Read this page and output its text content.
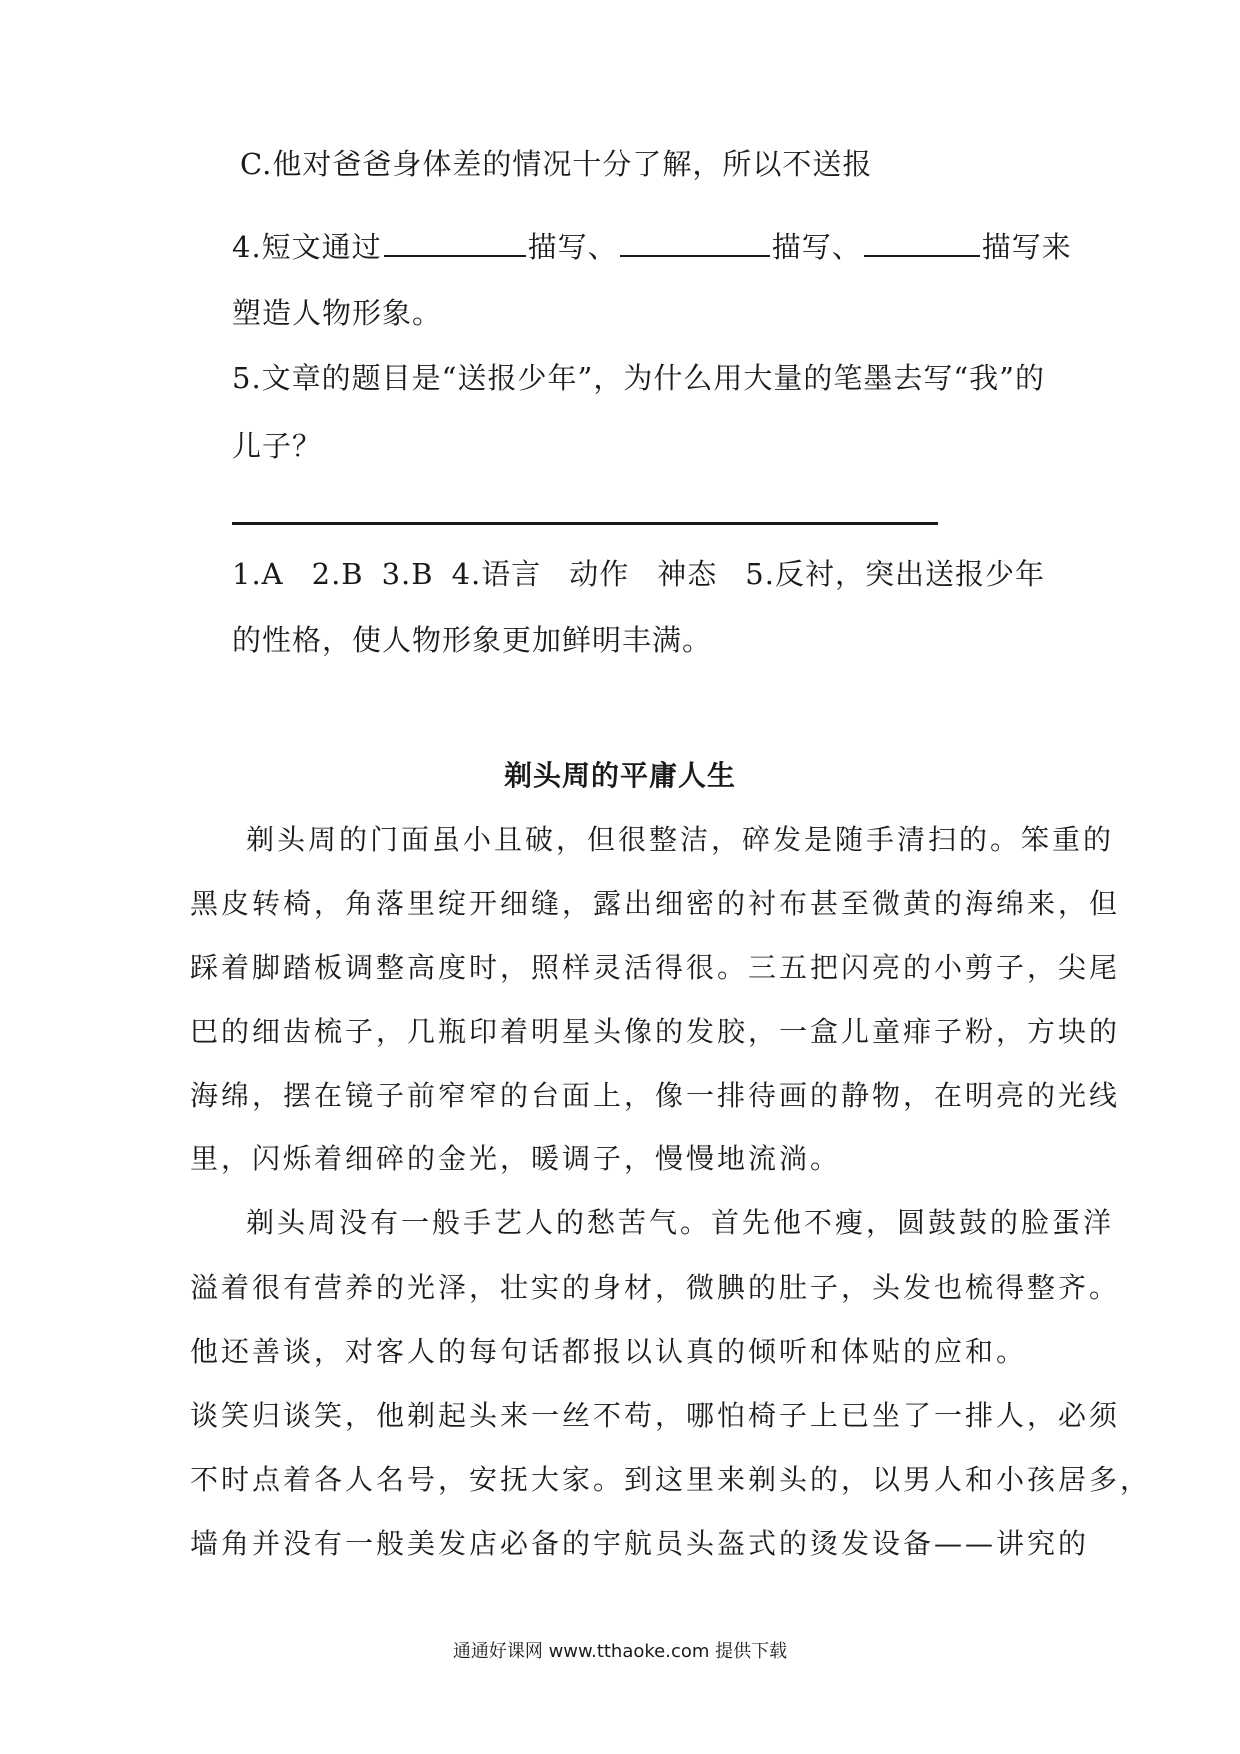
C.他对爸爸身体差的情况十分了解，所以不送报
4.短文通过	描写、	描写、	描写来
塑造人物形象。
5.文章的题目是“送报少年”，为什么用大量的笔墨去写“我”的
儿子？
1.A 2.B 3.B 4.语言 动作 神态 5.反衬，突出送报少年
的性格，使人物形象更加鲜明丰满。
剃头周的平庸人生
剃头周的门面虽小且破，但很整洁，碎发是随手清扫的。笨重的
黑皮转椅，角落里绽开细缝，露出细密的衬布甚至微黄的海绵来，但
踩着脚踏板调整高度时，照样灵活得很。三五把闪亮的小剪子，尖尾
巴的细齿梳子，几瓶印着明星头像的发胶，一盒儿童痱子粉，方块的
海绵，摆在镜子前窄窄的台面上，像一排待画的静物，在明亮的光线
里，闪烁着细碎的金光，暖调子，慢慢地流淌。
剃头周没有一般手艺人的愁苦气。首先他不瘦，圆鼓鼓的脸蛋洋
溢着很有营养的光泽，壮实的身材，微腆的肚子，头发也梳得整齐。
他还善谈，对客人的每句话都报以认真的倾听和体贴的应和。
谈笑归谈笑，他剃起头来一丝不苟，哪怕椅子上已坐了一排人，必须
不时点着各人名号，安抚大家。到这里来剃头的，以男人和小孩居多，
墙角并没有一般美发店必备的宇航员头盔式的烫发设备——讲究的
通通好课网 www.tthaoke.com 提供下载
